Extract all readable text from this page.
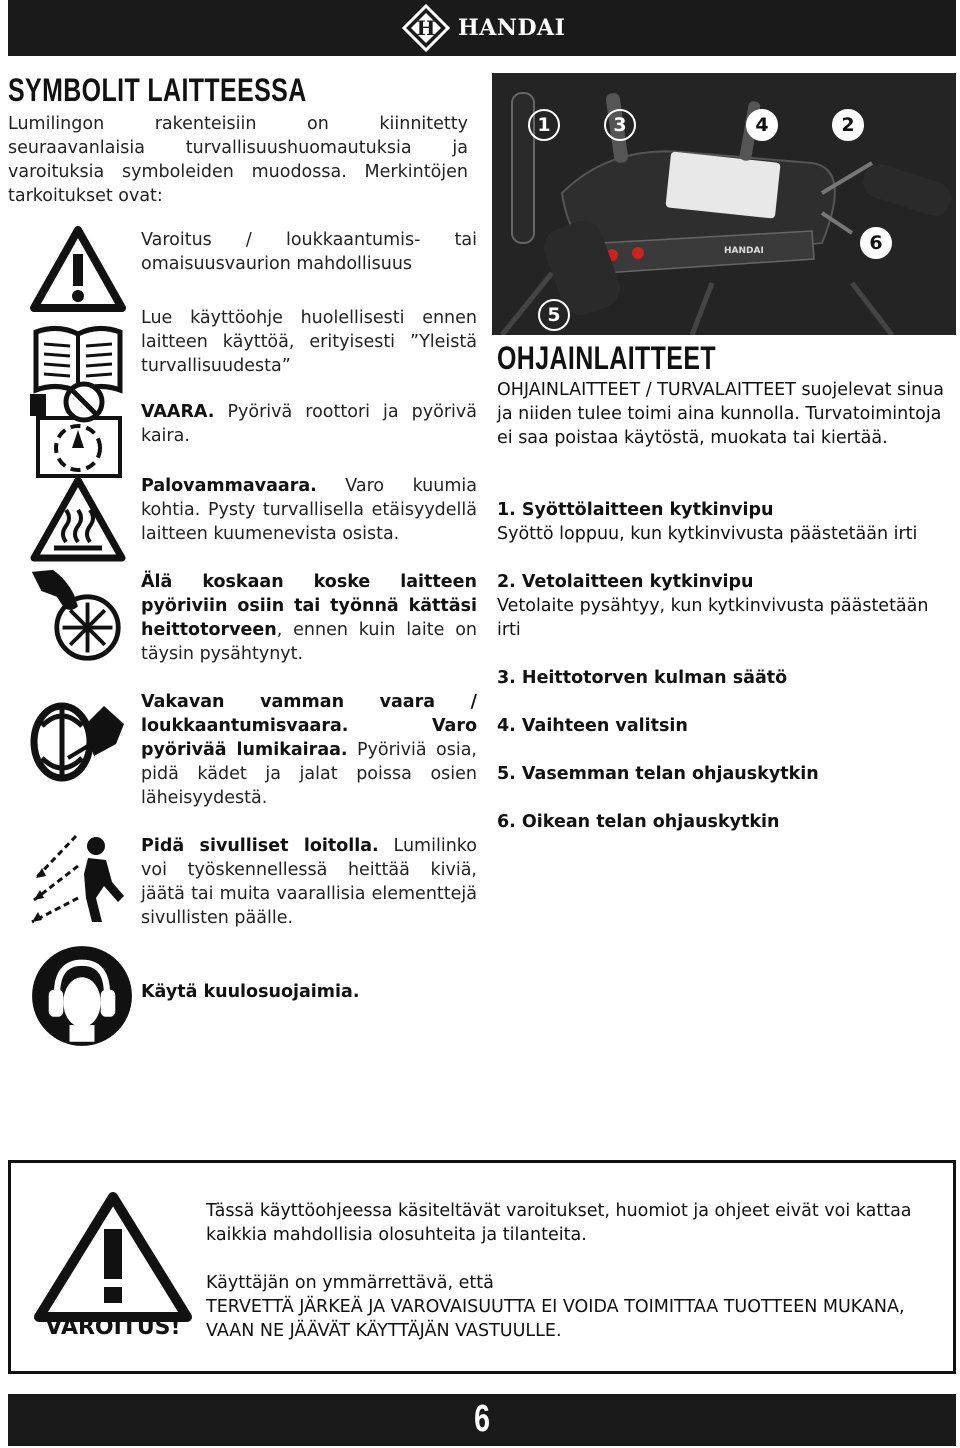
H HANDAI
SYMBOLIT LAITTEESSA
Lumilingon rakenteisiin on kiinnitetty seuraavanlaisia turvallisuushuomautuksia ja varoituksia symboleiden muodossa. Merkintöjen tarkoitukset ovat:
Varoitus / loukkaantumis- tai omaisuusvaurion mahdollisuus
Lue käyttöohje huolellisesti ennen laitteen käyttöä, erityisesti ”Yleistä turvallisuudesta”
VAARA. Pyörivä roottori ja pyörivä kaira.
Palovammavaara. Varo kuumia kohtia. Pysty turvallisella etäisyydellä laitteen kuumenevista osista.
Älä koskaan koske laitteen pyöriviin osiin tai työnnä kättäsi heittotorveen, ennen kuin laite on täysin pysähtynyt.
Vakavan vamman vaara / loukkaantumisvaara. Varo pyörivää lumikairaa. Pyöriviä osia, pidä kädet ja jalat poissa osien läheisyydestä.
Pidä sivulliset loitolla. Lumilinko voi työskennellessä heittää kiviä, jäätä tai muita vaarallisia elementtejä sivullisten päälle.
Käytä kuulosuojaimia.
HANDAI
1	3	4	2
6
5
OHJAINLAITTEET
OHJAINLAITTEET / TURVALAITTEET suojelevat sinua ja niiden tulee toimi aina kunnolla. Turvatoimintoja ei saa poistaa käytöstä, muokata tai kiertää.
1. Syöttölaitteen kytkinvipu
Syöttö loppuu, kun kytkinvivusta päästetään irti
2. Vetolaitteen kytkinvipu
Vetolaite pysähtyy, kun kytkinvivusta päästetään irti
3. Heittotorven kulman säätö
4. Vaihteen valitsin
5. Vasemman telan ohjauskytkin
6. Oikean telan ohjauskytkin
VAROITUS!

Tässä käyttöohjeessa käsiteltävät varoitukset, huomiot ja ohjeet eivät voi kattaa kaikkia mahdollisia olosuhteita ja tilanteita.

Käyttäjän on ymmärrettävä, että
TERVETTÄ JÄRKEÄ JA VAROVAISUUTTA EI VOIDA TOIMITTAA TUOTTEEN MUKANA, VAAN NE JÄÄVÄT KÄYTTÄJÄN VASTUULLE.
6
